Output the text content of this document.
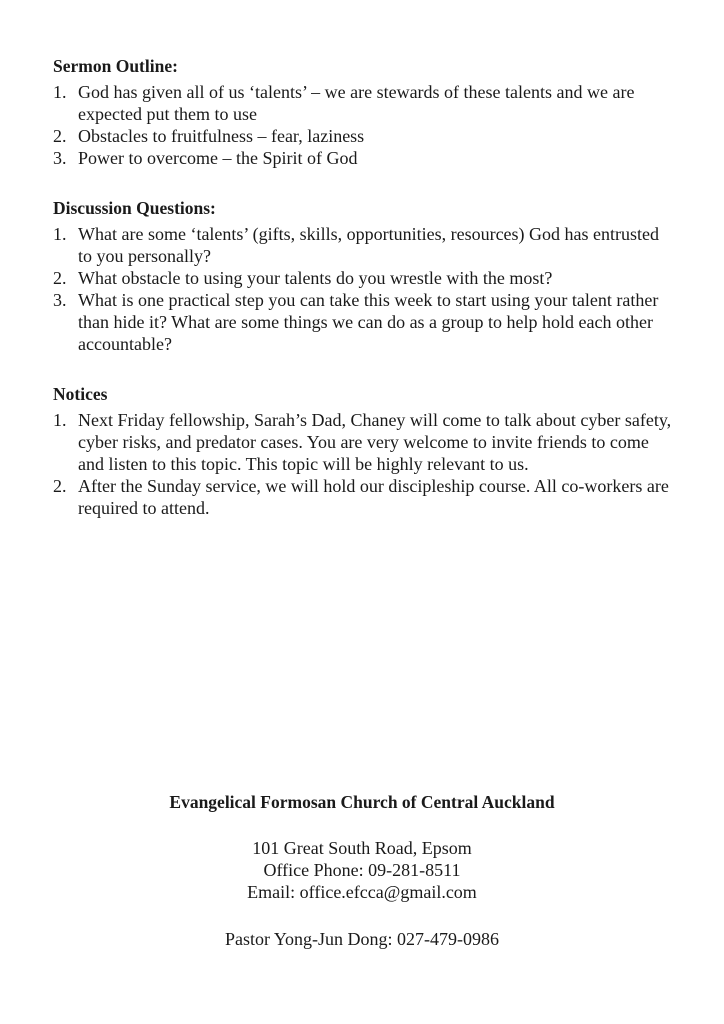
Sermon Outline:
1. God has given all of us ‘talents’ – we are stewards of these talents and we are expected put them to use
2. Obstacles to fruitfulness – fear, laziness
3. Power to overcome – the Spirit of God
Discussion Questions:
1. What are some ‘talents’ (gifts, skills, opportunities, resources) God has entrusted to you personally?
2. What obstacle to using your talents do you wrestle with the most?
3. What is one practical step you can take this week to start using your talent rather than hide it? What are some things we can do as a group to help hold each other accountable?
Notices
1. Next Friday fellowship, Sarah’s Dad, Chaney will come to talk about cyber safety, cyber risks, and predator cases. You are very welcome to invite friends to come and listen to this topic. This topic will be highly relevant to us.
2. After the Sunday service, we will hold our discipleship course. All co-workers are required to attend.
Evangelical Formosan Church of Central Auckland
101 Great South Road, Epsom
Office Phone: 09-281-8511
Email: office.efcca@gmail.com
Pastor Yong-Jun Dong: 027-479-0986
